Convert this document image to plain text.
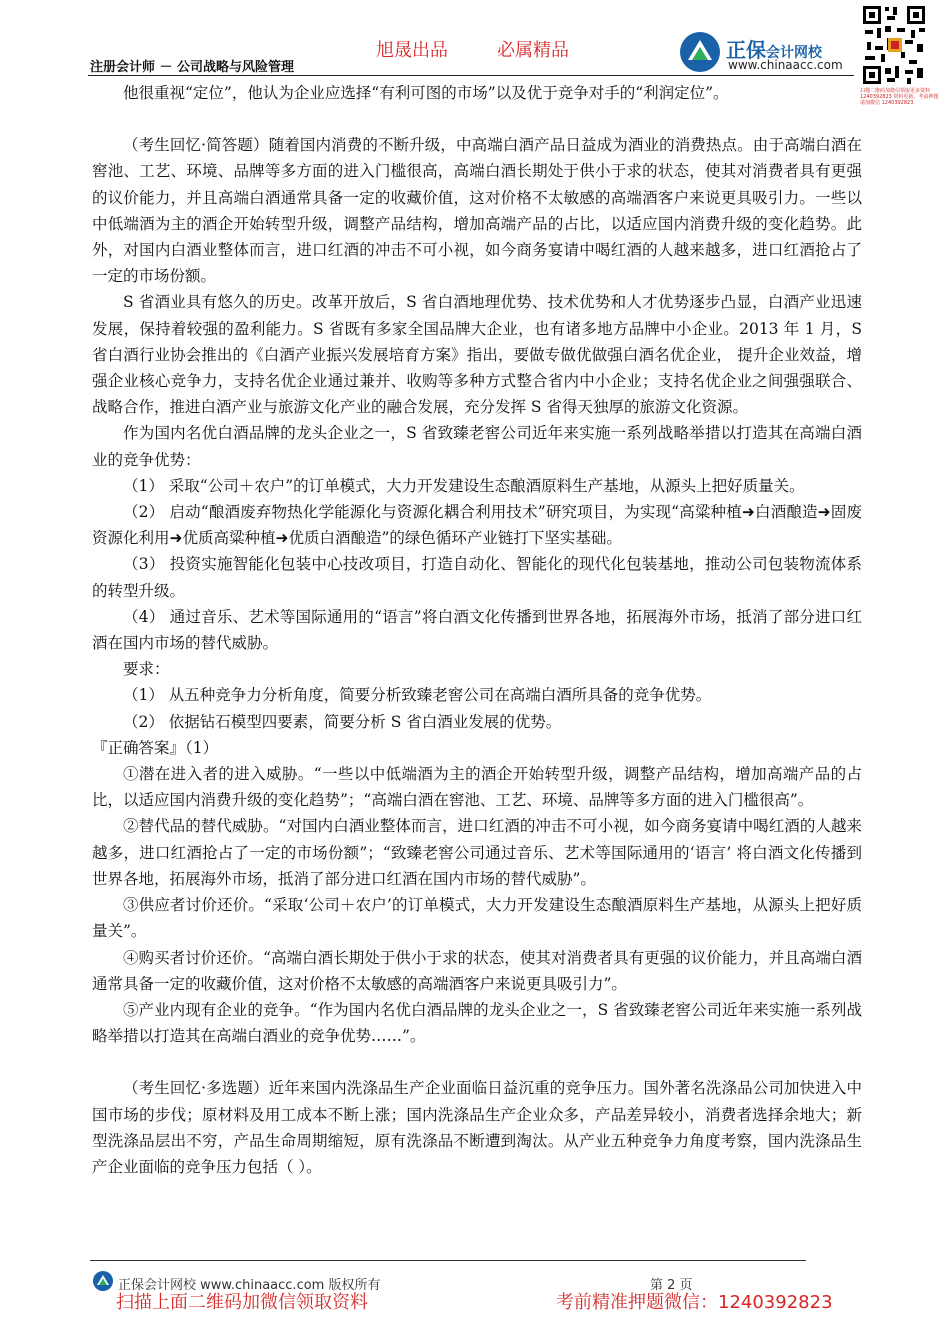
旭晟出品	必属精品
注册会计师 － 公司战略与风险管理
正保会计网校
www.chinaacc.com
扫描二维码加微信领取更多资料 1240392823 资料更新，考前押题请加微信 1240392823

他很重视“定位”，他认为企业应选择“有利可图的市场”以及优于竞争对手的“利润定位”。

（考生回忆·简答题）随着国内消费的不断升级，中高端白酒产品日益成为酒业的消费热点。由于高端白酒在窖池、工艺、环境、品牌等多方面的进入门槛很高，高端白酒长期处于供小于求的状态，使其对消费者具有更强的议价能力，并且高端白酒通常具备一定的收藏价值，这对价格不太敏感的高端酒客户来说更具吸引力。一些以中低端酒为主的酒企开始转型升级，调整产品结构，增加高端产品的占比，以适应国内消费升级的变化趋势。此外，对国内白酒业整体而言，进口红酒的冲击不可小视，如今商务宴请中喝红酒的人越来越多，进口红酒抢占了一定的市场份额。

S 省酒业具有悠久的历史。改革开放后，S 省白酒地理优势、技术优势和人才优势逐步凸显，白酒产业迅速发展，保持着较强的盈利能力。S 省既有多家全国品牌大企业，也有诸多地方品牌中小企业。2013 年 1 月，S 省白酒行业协会推出的《白酒产业振兴发展培育方案》指出，要做专做优做强白酒名优企业， 提升企业效益，增强企业核心竞争力，支持名优企业通过兼并、收购等多种方式整合省内中小企业；支持名优企业之间强强联合、战略合作，推进白酒产业与旅游文化产业的融合发展，充分发挥 S 省得天独厚的旅游文化资源。

作为国内名优白酒品牌的龙头企业之一，S 省致臻老窖公司近年来实施一系列战略举措以打造其在高端白酒业的竞争优势：

（1） 采取“公司＋农户”的订单模式，大力开发建设生态酿酒原料生产基地，从源头上把好质量关。

（2） 启动“酿酒废弃物热化学能源化与资源化耦合利用技术”研究项目，为实现“高粱种植➜白酒酿造➜固废资源化利用➜优质高粱种植➜优质白酒酿造”的绿色循环产业链打下坚实基础。

（3） 投资实施智能化包装中心技改项目，打造自动化、智能化的现代化包装基地，推动公司包装物流体系的转型升级。

（4） 通过音乐、艺术等国际通用的“语言”将白酒文化传播到世界各地，拓展海外市场，抵消了部分进口红酒在国内市场的替代威胁。

要求：

（1） 从五种竞争力分析角度，简要分析致臻老窖公司在高端白酒所具备的竞争优势。

（2） 依据钻石模型四要素，简要分析 S 省白酒业发展的优势。

『正确答案』（1）

①潜在进入者的进入威胁。“一些以中低端酒为主的酒企开始转型升级，调整产品结构，增加高端产品的占比，以适应国内消费升级的变化趋势”；“高端白酒在窖池、工艺、环境、品牌等多方面的进入门槛很高”。

②替代品的替代威胁。“对国内白酒业整体而言，进口红酒的冲击不可小视，如今商务宴请中喝红酒的人越来越多，进口红酒抢占了一定的市场份额”；“致臻老窖公司通过音乐、艺术等国际通用的‘语言’ 将白酒文化传播到世界各地，拓展海外市场，抵消了部分进口红酒在国内市场的替代威胁”。

③供应者讨价还价。“采取‘公司＋农户’的订单模式，大力开发建设生态酿酒原料生产基地，从源头上把好质量关”。

④购买者讨价还价。“高端白酒长期处于供小于求的状态，使其对消费者具有更强的议价能力，并且高端白酒通常具备一定的收藏价值，这对价格不太敏感的高端酒客户来说更具吸引力”。

⑤产业内现有企业的竞争。“作为国内名优白酒品牌的龙头企业之一，S 省致臻老窖公司近年来实施一系列战略举措以打造其在高端白酒业的竞争优势……”。

（考生回忆·多选题）近年来国内洗涤品生产企业面临日益沉重的竞争压力。国外著名洗涤品公司加快进入中国市场的步伐；原材料及用工成本不断上涨；国内洗涤品生产企业众多，产品差异较小，消费者选择余地大；新型洗涤品层出不穷，产品生命周期缩短，原有洗涤品不断遭到淘汰。从产业五种竞争力角度考察，国内洗涤品生产企业面临的竞争压力包括（ ）。

正保会计网校 www.chinaacc.com 版权所有	第 2 页
扫描上面二维码加微信领取资料	考前精准押题微信：1240392823
